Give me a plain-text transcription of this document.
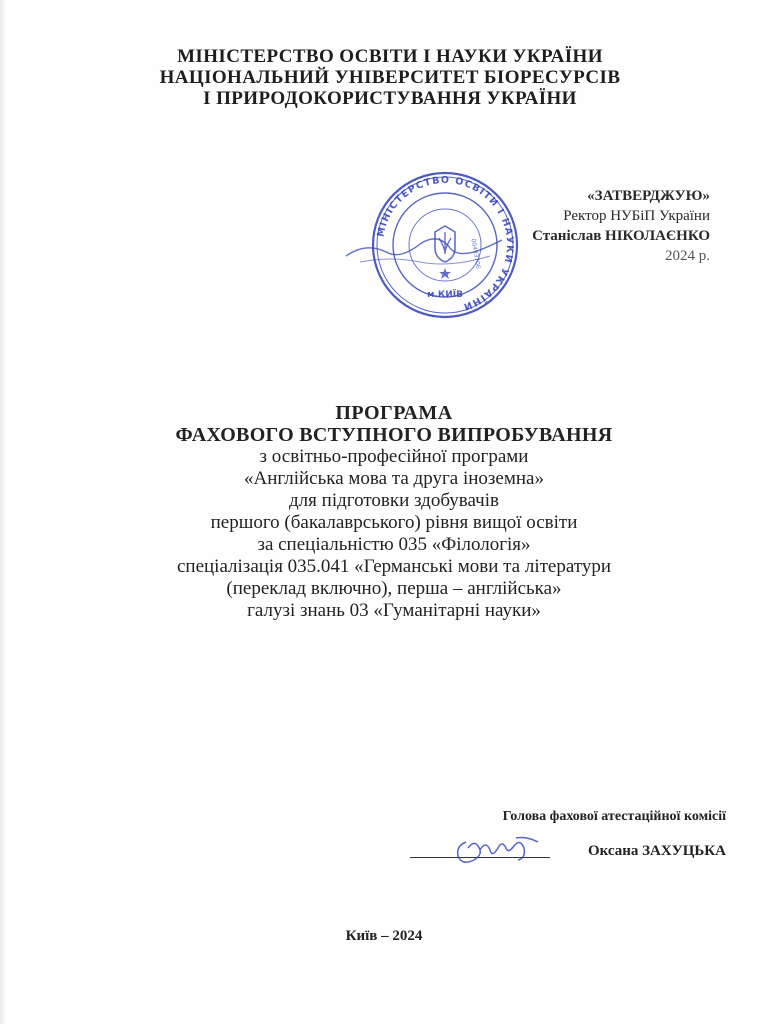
МІНІСТЕРСТВО ОСВІТИ І НАУКИ УКРАЇНИ
НАЦІОНАЛЬНИЙ УНІВЕРСИТЕТ БІОРЕСУРСІВ
І ПРИРОДОКОРИСТУВАННЯ УКРАЇНИ
«ЗАТВЕРДЖУЮ»
Ректор НУБіП України
Станіслав НІКОЛАЄНКО
2024 р.
МІНІСТЕРСТВО ОСВІТИ І НАУКИ УКРАЇНИ
м.КИЇВ
00493706
ПРОГРАМА
ФАХОВОГО ВСТУПНОГО ВИПРОБУВАННЯ
з освітньо-професійної програми
«Англійська мова та друга іноземна»
для підготовки здобувачів
першого (бакалаврського) рівня вищої освіти
за спеціальністю 035 «Філологія»
спеціалізація 035.041 «Германські мови та літератури
(переклад включно), перша – англійська»
галузі знань 03 «Гуманітарні науки»
Голова фахової атестаційної комісії
Оксана ЗАХУЦЬКА
Київ – 2024
